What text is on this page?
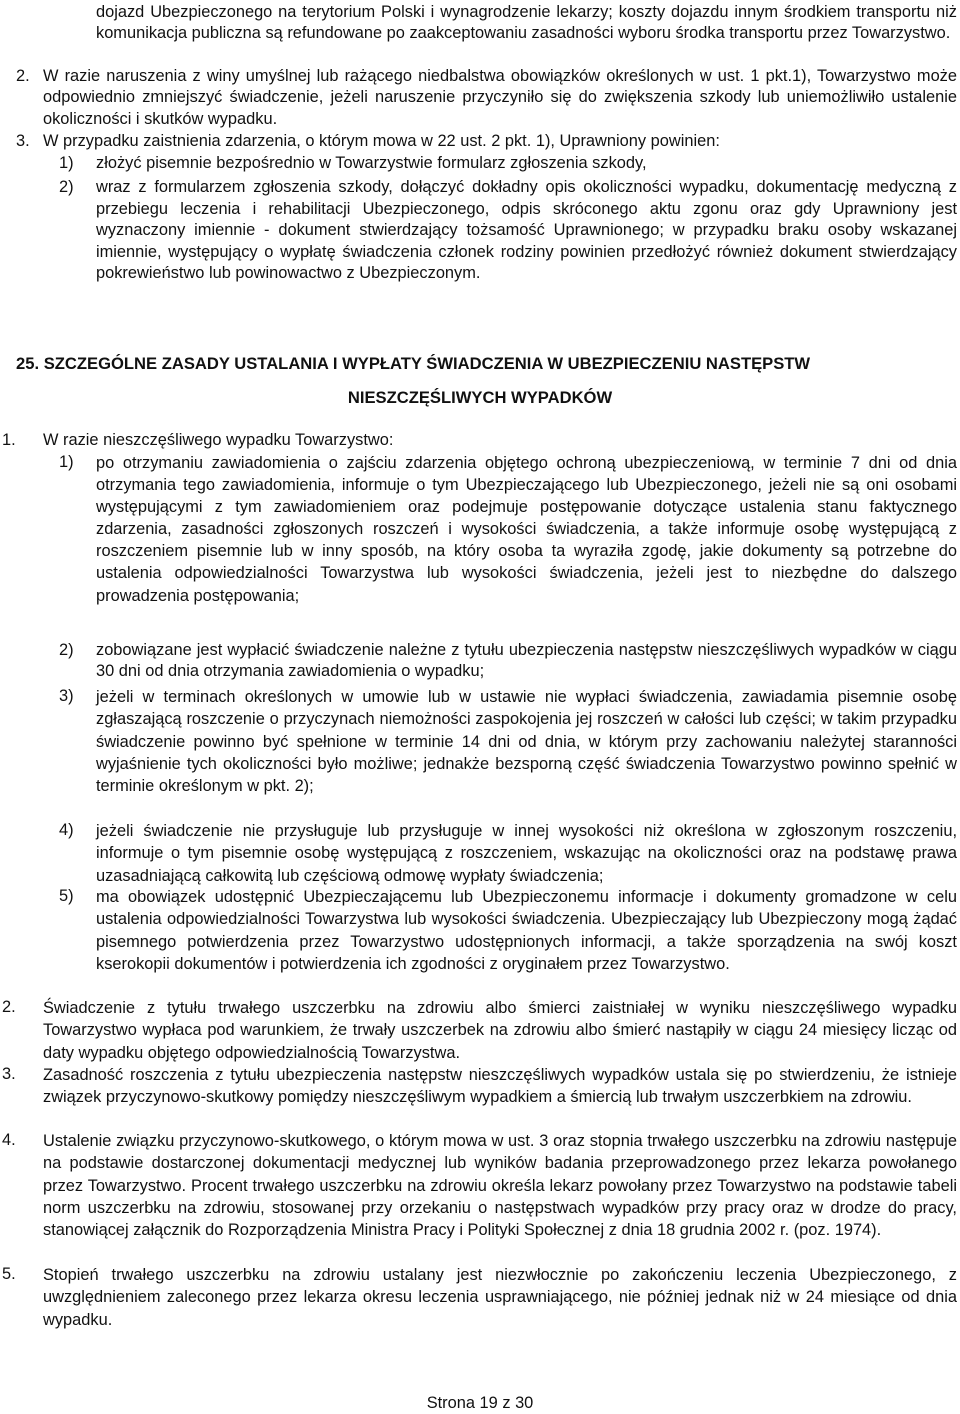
dojazd Ubezpieczonego na terytorium Polski i wynagrodzenie lekarzy; koszty dojazdu innym środkiem transportu niż komunikacja publiczna są refundowane po zaakceptowaniu zasadności wyboru środka transportu przez Towarzystwo.
2. W razie naruszenia z winy umyślnej lub rażącego niedbalstwa obowiązków określonych w ust. 1 pkt.1), Towarzystwo może odpowiednio zmniejszyć świadczenie, jeżeli naruszenie przyczyniło się do zwiększenia szkody lub uniemożliwiło ustalenie okoliczności i skutków wypadku.
3. W przypadku zaistnienia zdarzenia, o którym mowa w 22 ust. 2 pkt. 1), Uprawniony powinien:
1) złożyć pisemnie bezpośrednio w Towarzystwie formularz zgłoszenia szkody,
2) wraz z formularzem zgłoszenia szkody, dołączyć dokładny opis okoliczności wypadku, dokumentację medyczną z przebiegu leczenia i rehabilitacji Ubezpieczonego, odpis skróconego aktu zgonu oraz gdy Uprawniony jest wyznaczony imiennie - dokument stwierdzający tożsamość Uprawnionego; w przypadku braku osoby wskazanej imiennie, występujący o wypłatę świadczenia członek rodziny powinien przedłożyć również dokument stwierdzający pokrewieństwo lub powinowactwo z Ubezpieczonym.
25. SZCZEGÓLNE ZASADY USTALANIA I WYPŁATY ŚWIADCZENIA W UBEZPIECZENIU NASTĘPSTW
NIESZCZĘŚLIWYCH WYPADKÓW
1. W razie nieszczęśliwego wypadku Towarzystwo:
1) po otrzymaniu zawiadomienia o zajściu zdarzenia objętego ochroną ubezpieczeniową, w terminie 7 dni od dnia otrzymania tego zawiadomienia, informuje o tym Ubezpieczającego lub Ubezpieczonego, jeżeli nie są oni osobami występującymi z tym zawiadomieniem oraz podejmuje postępowanie dotyczące ustalenia stanu faktycznego zdarzenia, zasadności zgłoszonych roszczeń i wysokości świadczenia, a także informuje osobę występującą z roszczeniem pisemnie lub w inny sposób, na który osoba ta wyraziła zgodę, jakie dokumenty są potrzebne do ustalenia odpowiedzialności Towarzystwa lub wysokości świadczenia, jeżeli jest to niezbędne do dalszego prowadzenia postępowania;
2) zobowiązane jest wypłacić świadczenie należne z tytułu ubezpieczenia następstw nieszczęśliwych wypadków w ciągu 30 dni od dnia otrzymania zawiadomienia o wypadku;
3) jeżeli w terminach określonych w umowie lub w ustawie nie wypłaci świadczenia, zawiadamia pisemnie osobę zgłaszającą roszczenie o przyczynach niemożności zaspokojenia jej roszczeń w całości lub części; w takim przypadku świadczenie powinno być spełnione w terminie 14 dni od dnia, w którym przy zachowaniu należytej staranności wyjaśnienie tych okoliczności było możliwe; jednakże bezsporną część świadczenia Towarzystwo powinno spełnić w terminie określonym w pkt. 2);
4) jeżeli świadczenie nie przysługuje lub przysługuje w innej wysokości niż określona w zgłoszonym roszczeniu, informuje o tym pisemnie osobę występującą z roszczeniem, wskazując na okoliczności oraz na podstawę prawa uzasadniającą całkowitą lub częściową odmowę wypłaty świadczenia;
5) ma obowiązek udostępnić Ubezpieczającemu lub Ubezpieczonemu informacje i dokumenty gromadzone w celu ustalenia odpowiedzialności Towarzystwa lub wysokości świadczenia. Ubezpieczający lub Ubezpieczony mogą żądać pisemnego potwierdzenia przez Towarzystwo udostępnionych informacji, a także sporządzenia na swój koszt kserokopii dokumentów i potwierdzenia ich zgodności z oryginałem przez Towarzystwo.
2. Świadczenie z tytułu trwałego uszczerbku na zdrowiu albo śmierci zaistniałej w wyniku nieszczęśliwego wypadku Towarzystwo wypłaca pod warunkiem, że trwały uszczerbek na zdrowiu albo śmierć nastąpiły w ciągu 24 miesięcy licząc od daty wypadku objętego odpowiedzialnością Towarzystwa.
3. Zasadność roszczenia z tytułu ubezpieczenia następstw nieszczęśliwych wypadków ustala się po stwierdzeniu, że istnieje związek przyczynowo-skutkowy pomiędzy nieszczęśliwym wypadkiem a śmiercią lub trwałym uszczerbkiem na zdrowiu.
4. Ustalenie związku przyczynowo-skutkowego, o którym mowa w ust. 3 oraz stopnia trwałego uszczerbku na zdrowiu następuje na podstawie dostarczonej dokumentacji medycznej lub wyników badania przeprowadzonego przez lekarza powołanego przez Towarzystwo. Procent trwałego uszczerbku na zdrowiu określa lekarz powołany przez Towarzystwo na podstawie tabeli norm uszczerbku na zdrowiu, stosowanej przy orzekaniu o następstwach wypadków przy pracy oraz w drodze do pracy, stanowiącej załącznik do Rozporządzenia Ministra Pracy i Polityki Społecznej z dnia 18 grudnia 2002 r. (poz. 1974).
5. Stopień trwałego uszczerbku na zdrowiu ustalany jest niezwłocznie po zakończeniu leczenia Ubezpieczonego, z uwzględnieniem zaleconego przez lekarza okresu leczenia usprawniającego, nie później jednak niż w 24 miesiące od dnia wypadku.
Strona 19 z 30
